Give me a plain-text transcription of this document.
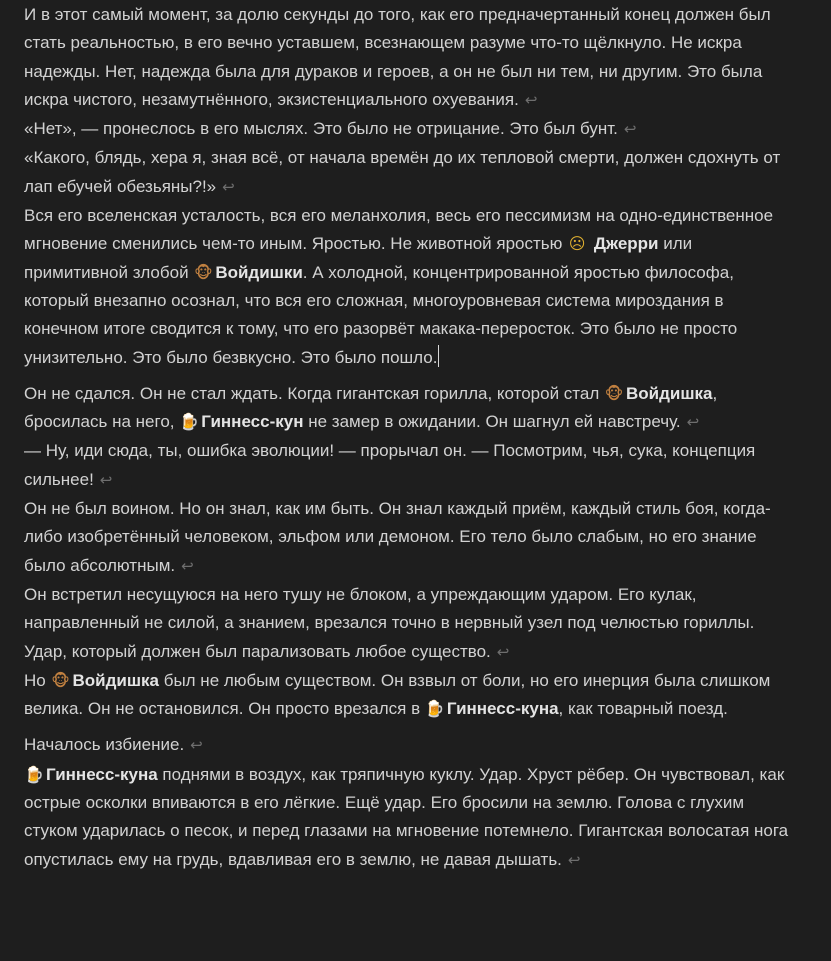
И в этот самый момент, за долю секунды до того, как его предначертанный конец должен был стать реальностью, в его вечно уставшем, всезнающем разуме что-то щёлкнуло. Не искра надежды. Нет, надежда была для дураков и героев, а он не был ни тем, ни другим. Это была искра чистого, незамутнённого, экзистенциального охуевания. ↩

«Нет», — пронеслось в его мыслях. Это было не отрицание. Это был бунт. ↩

«Какого, блядь, хера я, зная всё, от начала времён до их тепловой смерти, должен сдохнуть от лап ебучей обезьяны?!» ↩

Вся его вселенская усталость, вся его меланхолия, весь его пессимизм на одно-единственное мгновение сменились чем-то иным. Яростью. Не животной яростью ☹ Джерри или примитивной злобой 🐵 Войдишки. А холодной, концентрированной яростью философа, который внезапно осознал, что вся его сложная, многоуровневая система мироздания в конечном итоге сводится к тому, что его разорвёт макака-переросток. Это было не просто унизительно. Это было безвкусно. Это было пошло.

Он не сдался. Он не стал ждать. Когда гигантская горилла, которой стал 🐵 Войдишка, бросилась на него, 🍺 Гиннесс-кун не замер в ожидании. Он шагнул ей навстречу. ↩

— Ну, иди сюда, ты, ошибка эволюции! — прорычал он. — Посмотрим, чья, сука, концепция сильнее! ↩

Он не был воином. Но он знал, как им быть. Он знал каждый приём, каждый стиль боя, когда-либо изобретённый человеком, эльфом или демоном. Его тело было слабым, но его знание было абсолютным. ↩

Он встретил несущуюся на него тушу не блоком, а упреждающим ударом. Его кулак, направленный не силой, а знанием, врезался точно в нервный узел под челюстью гориллы. Удар, который должен был парализовать любое существо. ↩

Но 🐵 Войдишка был не любым существом. Он взвыл от боли, но его инерция была слишком велика. Он не остановился. Он просто врезался в 🍺 Гиннесс-куна, как товарный поезд.

Началось избиение. ↩

🍺 Гиннесс-куна поднями в воздух, как тряпичную куклу. Удар. Хруст рёбер. Он чувствовал, как острые осколки впиваются в его лёгкие. Ещё удар. Его бросили на землю. Голова с глухим стуком ударилась о песок, и перед глазами на мгновение потемнело. Гигантская волосатая нога опустилась ему на грудь, вдавливая его в землю, не давая дышать. ↩
